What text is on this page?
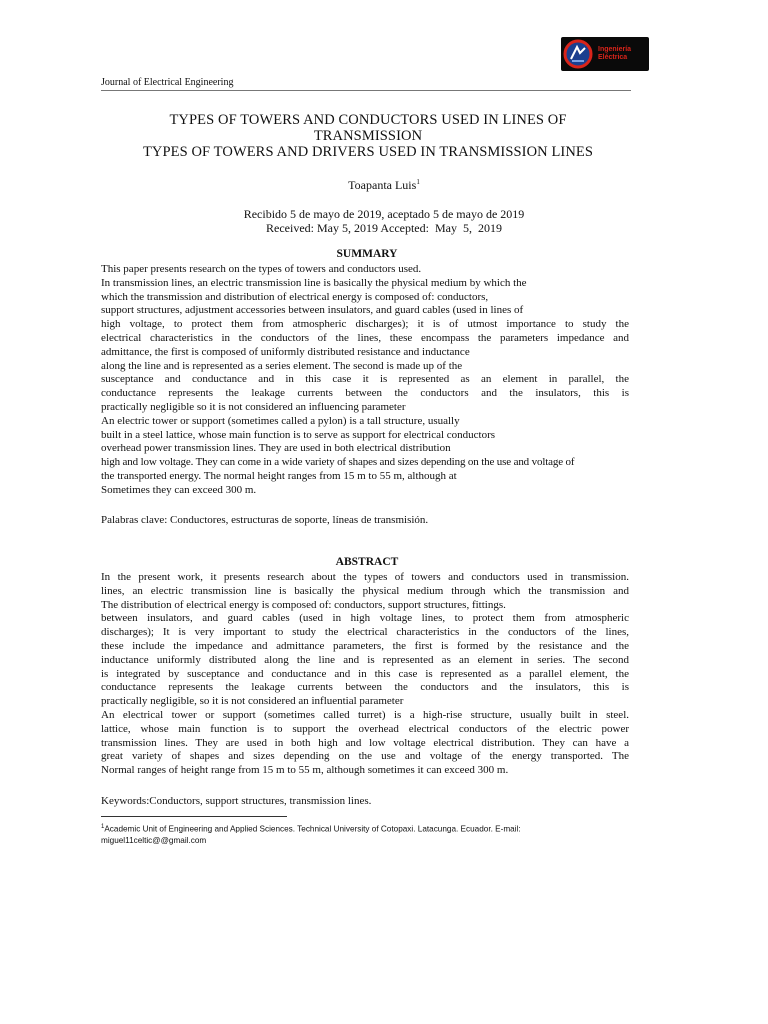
Ingeniería
Eléctrica
Journal of Electrical Engineering
TYPES OF TOWERS AND CONDUCTORS USED IN LINES OF
TRANSMISSION
TYPES OF TOWERS AND DRIVERS USED IN TRANSMISSION LINES
Toapanta Luis$^1$
Recibido 5 de mayo de 2019, aceptado 5 de mayo de 2019
Received: May 5, 2019 Accepted:  May  5,  2019
SUMMARY
This paper presents research on the types of towers and conductors used.
In transmission lines, an electric transmission line is basically the physical medium by which the
which the transmission and distribution of electrical energy is composed of: conductors,
support structures, adjustment accessories between insulators, and guard cables (used in lines of
high voltage, to protect them from atmospheric discharges); it is of utmost importance to study the
electrical characteristics in the conductors of the lines, these encompass the parameters impedance and
admittance, the first is composed of uniformly distributed resistance and inductance
along the line and is represented as a series element. The second is made up of the
susceptance and conductance and in this case it is represented as an element in parallel, the
conductance represents the leakage currents between the conductors and the insulators, this is
practically negligible so it is not considered an influencing parameter
An electric tower or support (sometimes called a pylon) is a tall structure, usually
built in a steel lattice, whose main function is to serve as support for electrical conductors
overhead power transmission lines. They are used in both electrical distribution
high and low voltage. They can come in a wide variety of shapes and sizes depending on the use and voltage of
the transported energy. The normal height ranges from 15 m to 55 m, although at
Sometimes they can exceed 300 m.
Palabras clave: Conductores, estructuras de soporte, líneas de transmisión.
ABSTRACT
In the present work, it presents research about the types of towers and conductors used in transmission.
lines, an electric transmission line is basically the physical medium through which the transmission and
The distribution of electrical energy is composed of: conductors, support structures, fittings.
between insulators, and guard cables (used in high voltage lines, to protect them from atmospheric
discharges); It is very important to study the electrical characteristics in the conductors of the lines,
these include the impedance and admittance parameters, the first is formed by the resistance and the
inductance uniformly distributed along the line and is represented as an element in series. The second
is integrated by susceptance and conductance and in this case is represented as a parallel element, the
conductance represents the leakage currents between the conductors and the insulators, this is
practically negligible, so it is not considered an influential parameter
An electrical tower or support (sometimes called turret) is a high-rise structure, usually built in steel.
lattice, whose main function is to support the overhead electrical conductors of the electric power
transmission lines. They are used in both high and low voltage electrical distribution. They can have a
great variety of shapes and sizes depending on the use and voltage of the energy transported. The
Normal ranges of height range from 15 m to 55 m, although sometimes it can exceed 300 m.
Keywords:Conductors, support structures, transmission lines.
$^1$Academic Unit of Engineering and Applied Sciences. Technical University of Cotopaxi. Latacunga. Ecuador. E-mail:
miguel11celtic@@gmail.com
